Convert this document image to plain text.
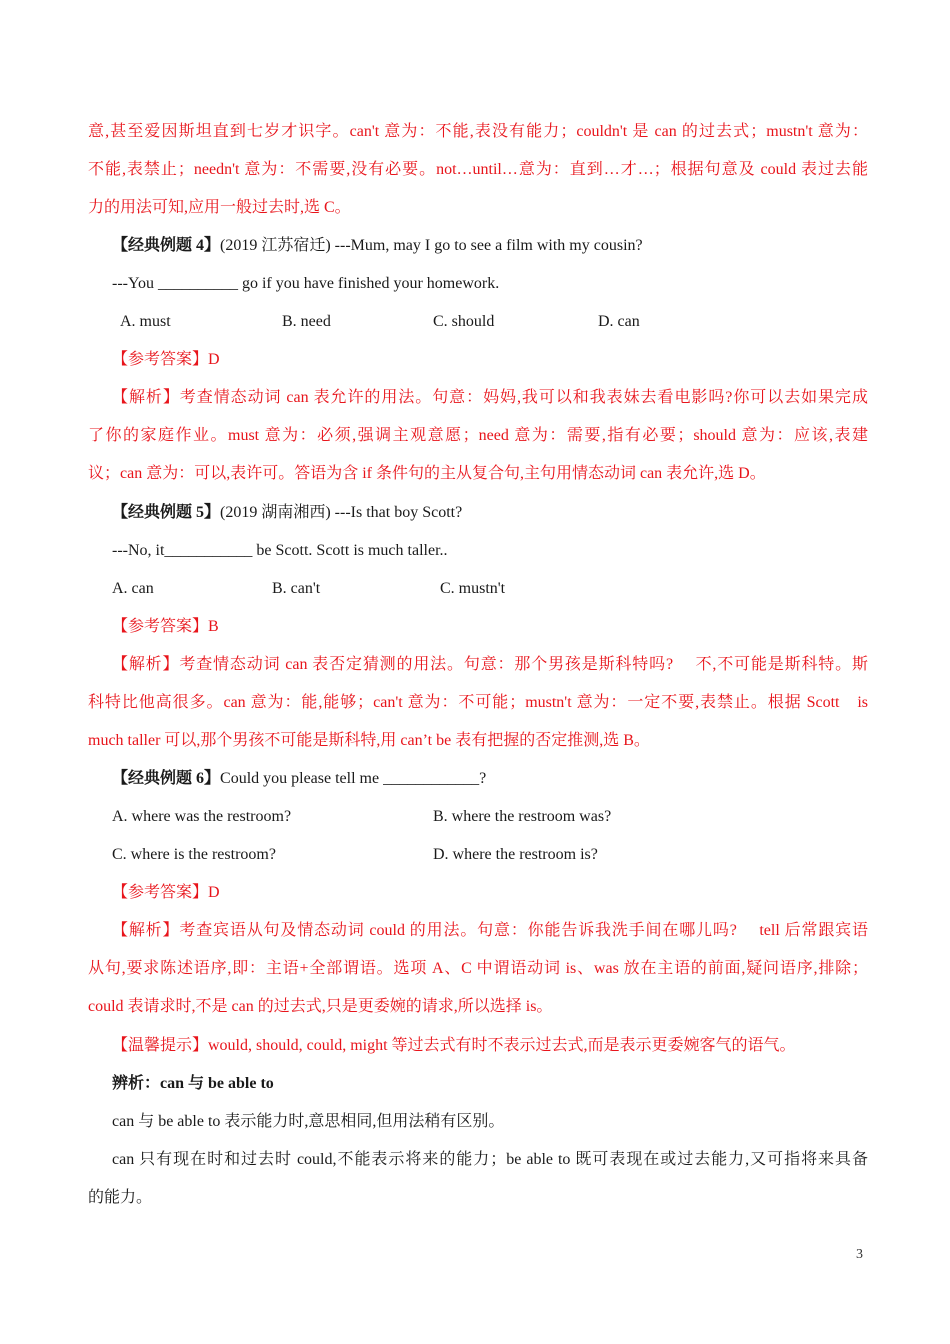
意,甚至爱因斯坦直到七岁才识字。can't 意为：不能,表没有能力；couldn't 是 can 的过去式；mustn't 意为：
不能,表禁止；needn't 意为：不需要,没有必要。not…until…意为：直到…才…；根据句意及 could 表过去能
力的用法可知,应用一般过去时,选 C。
【经典例题 4】(2019 江苏宿迁) ---Mum, may I go to see a film with my cousin?
---You __________ go if you have finished your homework.
A. must	B. need	C. should	D. can
【参考答案】D
【解析】考查情态动词 can 表允许的用法。句意：妈妈,我可以和我表妹去看电影吗?你可以去如果完成
了你的家庭作业。must 意为：必须,强调主观意愿；need 意为：需要,指有必要；should 意为：应该,表建
议；can 意为：可以,表许可。答语为含 if 条件句的主从复合句,主句用情态动词 can 表允许,选 D。
【经典例题 5】(2019 湖南湘西) ---Is that boy Scott?
---No, it___________ be Scott. Scott is much taller..
A. can	B. can't	C. mustn't
【参考答案】B
【解析】考查情态动词 can 表否定猜测的用法。句意：那个男孩是斯科特吗?　 不,不可能是斯科特。斯
科特比他高很多。can 意为：能,能够；can't 意为：不可能；mustn't 意为：一定不要,表禁止。根据 Scott　is
much taller 可以,那个男孩不可能是斯科特,用 can’t be 表有把握的否定推测,选 B。
【经典例题 6】Could you please tell me ____________?
A. where was the restroom?	B. where the restroom was?
C. where is the restroom?	D. where the restroom is?
【参考答案】D
【解析】考查宾语从句及情态动词 could 的用法。句意：你能告诉我洗手间在哪儿吗?　 tell 后常跟宾语
从句,要求陈述语序,即：主语+全部谓语。选项 A、C 中谓语动词 is、was 放在主语的前面,疑问语序,排除；
could 表请求时,不是 can 的过去式,只是更委婉的请求,所以选择 is。
【温馨提示】would, should, could, might 等过去式有时不表示过去式,而是表示更委婉客气的语气。
辨析：can 与 be able to
can 与 be able to 表示能力时,意思相同,但用法稍有区别。
can 只有现在时和过去时 could,不能表示将来的能力；be able to 既可表现在或过去能力,又可指将来具备
的能力。
3
